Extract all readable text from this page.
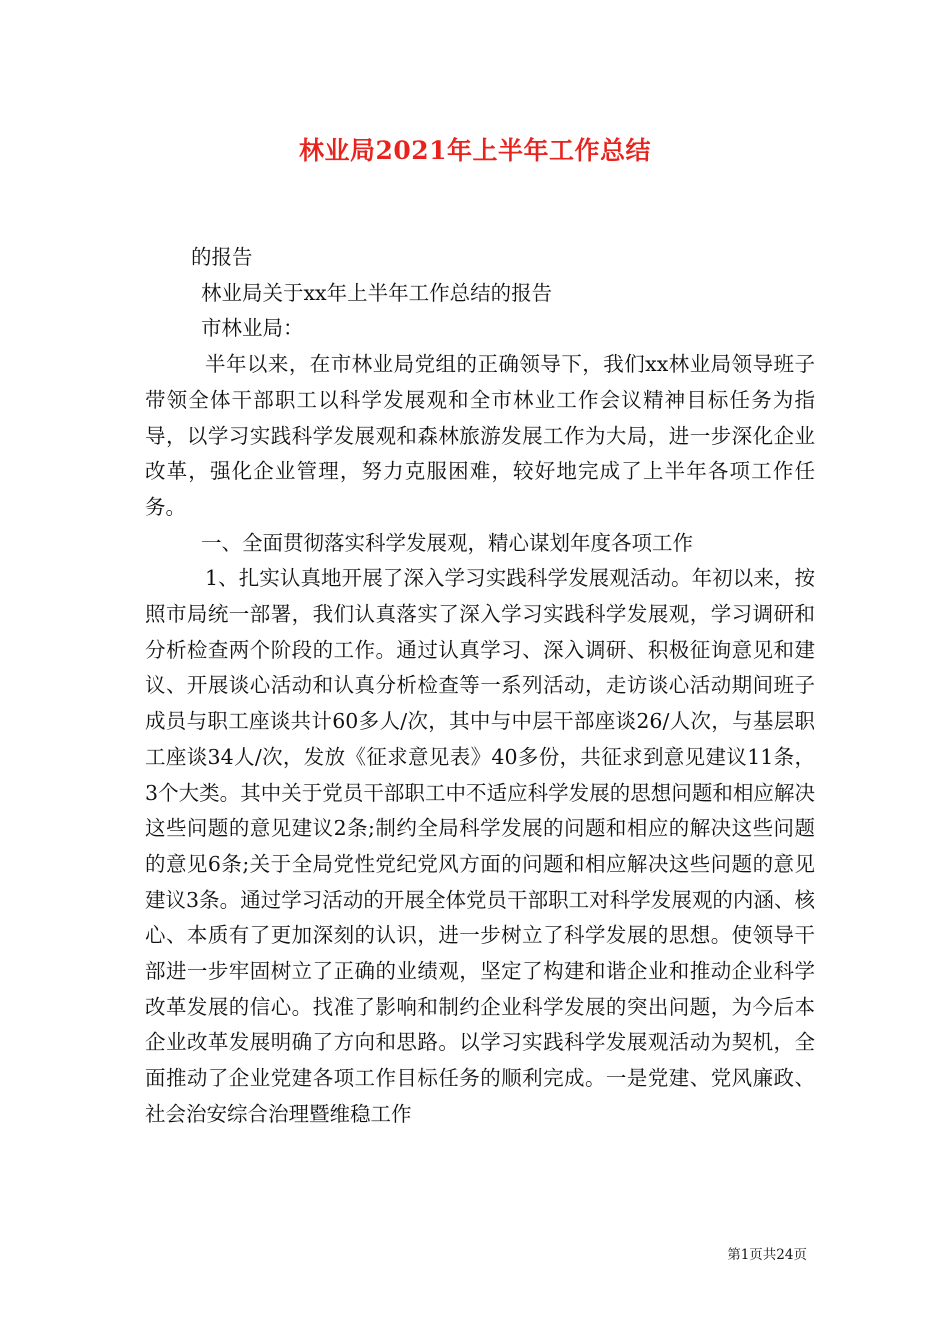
林业局2021年上半年工作总结

的报告

林业局关于xx年上半年工作总结的报告

市林业局：

半年以来，在市林业局党组的正确领导下，我们xx林业局领导班子带领全体干部职工以科学发展观和全市林业工作会议精神目标任务为指导，以学习实践科学发展观和森林旅游发展工作为大局，进一步深化企业改革，强化企业管理，努力克服困难，较好地完成了上半年各项工作任务。

一、全面贯彻落实科学发展观，精心谋划年度各项工作

1、扎实认真地开展了深入学习实践科学发展观活动。年初以来，按照市局统一部署，我们认真落实了深入学习实践科学发展观，学习调研和分析检查两个阶段的工作。通过认真学习、深入调研、积极征询意见和建议、开展谈心活动和认真分析检查等一系列活动，走访谈心活动期间班子成员与职工座谈共计60多人/次，其中与中层干部座谈26/人次，与基层职工座谈34人/次，发放《征求意见表》40多份，共征求到意见建议11条，3个大类。其中关于党员干部职工中不适应科学发展的思想问题和相应解决这些问题的意见建议2条;制约全局科学发展的问题和相应的解决这些问题的意见6条;关于全局党性党纪党风方面的问题和相应解决这些问题的意见建议3条。通过学习活动的开展全体党员干部职工对科学发展观的内涵、核心、本质有了更加深刻的认识，进一步树立了科学发展的思想。使领导干部进一步牢固树立了正确的业绩观，坚定了构建和谐企业和推动企业科学改革发展的信心。找准了影响和制约企业科学发展的突出问题，为今后本企业改革发展明确了方向和思路。以学习实践科学发展观活动为契机，全面推动了企业党建各项工作目标任务的顺利完成。一是党建、党风廉政、社会治安综合治理暨维稳工作

第1页共24页
